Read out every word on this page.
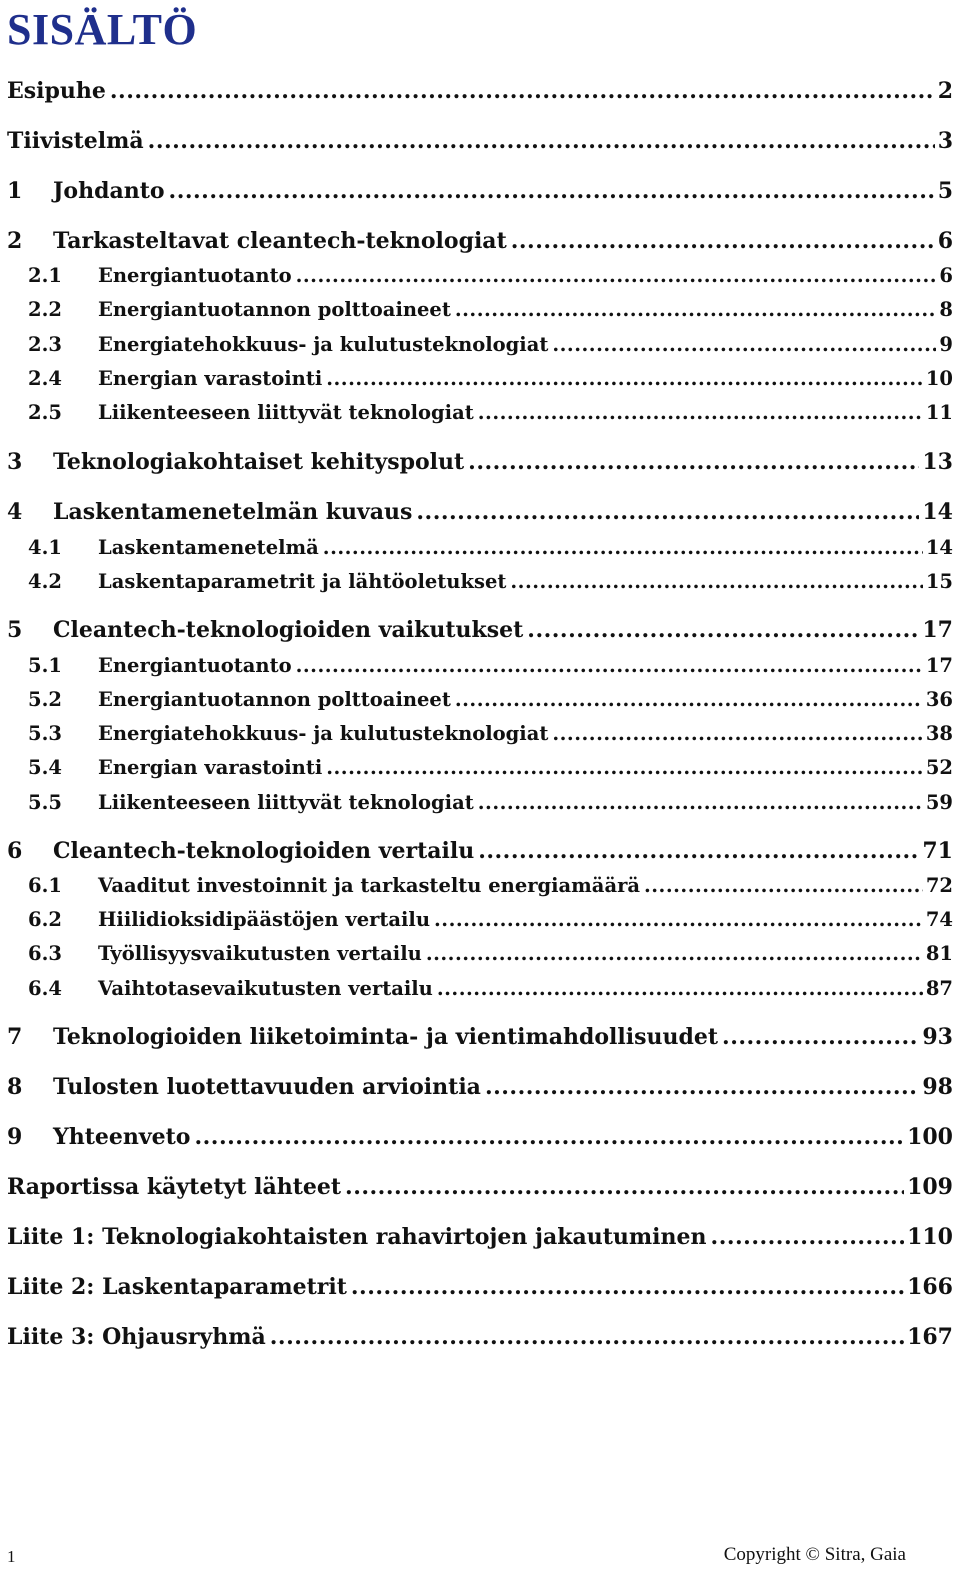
SISÄLTÖ
Esipuhe .....	2
Tiivistelmä .....	3
1	Johdanto .....	5
2	Tarkasteltavat cleantech-teknologiat .....	6
2.1	Energiantuotanto .....	6
2.2	Energiantuotannon polttoaineet .....	8
2.3	Energiatehokkuus- ja kulutusteknologiat .....	9
2.4	Energian varastointi .....	10
2.5	Liikenteeseen liittyvät teknologiat .....	11
3	Teknologiakohtaiset kehityspolut .....	13
4	Laskentamenetelmän kuvaus .....	14
4.1	Laskentamenetelmä .....	14
4.2	Laskentaparametrit ja lähtöoletukset .....	15
5	Cleantech-teknologioiden vaikutukset .....	17
5.1	Energiantuotanto .....	17
5.2	Energiantuotannon polttoaineet .....	36
5.3	Energiatehokkuus- ja kulutusteknologiat .....	38
5.4	Energian varastointi .....	52
5.5	Liikenteeseen liittyvät teknologiat .....	59
6	Cleantech-teknologioiden vertailu .....	71
6.1	Vaaditut investoinnit ja tarkasteltu energiamäärä .....	72
6.2	Hiilidioksidipäästöjen vertailu .....	74
6.3	Työllisyysvaikutusten vertailu .....	81
6.4	Vaihtotasevaikutusten vertailu .....	87
7	Teknologioiden liiketoiminta- ja vientimahdollisuudet .....	93
8	Tulosten luotettavuuden arviointia .....	98
9	Yhteenveto .....	100
Raportissa käytetyt lähteet .....	109
Liite 1: Teknologiakohtaisten rahavirtojen jakautuminen .....	110
Liite 2: Laskentaparametrit .....	166
Liite 3: Ohjausryhmä .....	167
1	Copyright © Sitra, Gaia
